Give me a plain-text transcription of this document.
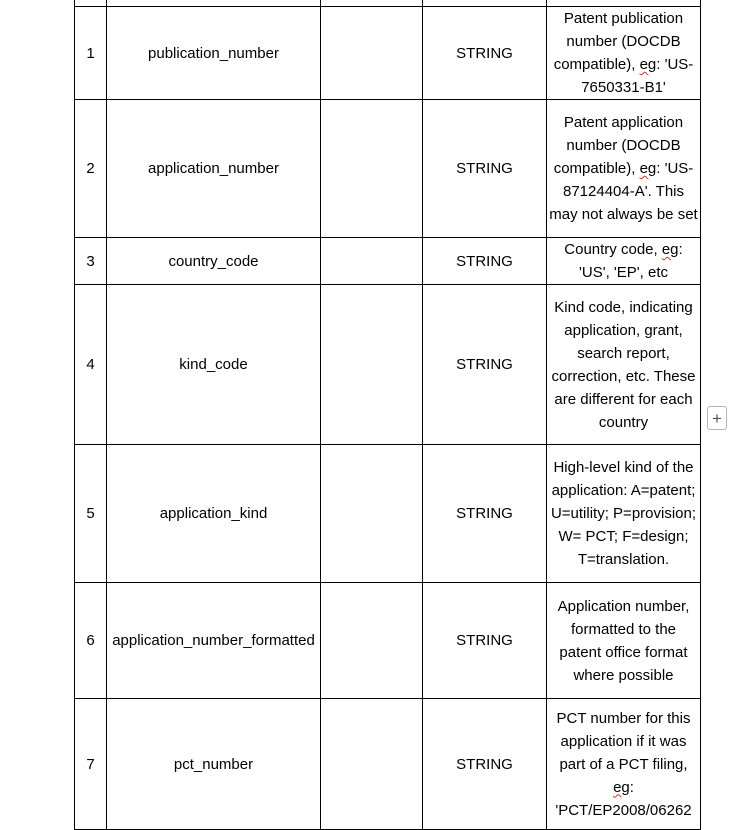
1	publication_number		STRING	Patent publication number (DOCDB compatible), eg: 'US-7650331-B1'

2	application_number		STRING	Patent application number (DOCDB compatible), eg: 'US-87124404-A'. This may not always be set

3	country_code		STRING	Country code, eg: 'US', 'EP', etc

4	kind_code		STRING	Kind code, indicating application, grant, search report, correction, etc. These are different for each country

5	application_kind		STRING	High-level kind of the application: A=patent; U=utility; P=provision; W= PCT; F=design; T=translation.

6	application_number_formatted		STRING	Application number, formatted to the patent office format where possible

7	pct_number		STRING	PCT number for this application if it was part of a PCT filing, eg: 'PCT/EP2008/06262
+
